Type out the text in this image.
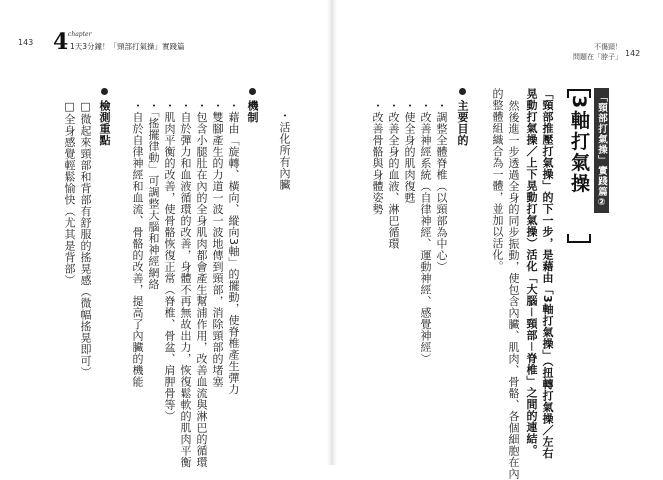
143 4 chapter
1天3分鐘！「頸部打氣操」實踐篇	不傷頸！
問題在「脖子」 142
「頸部打氣操」實踐篇②
3軸打氣操
「頸部推壓打氣操」的下一步，是藉由「3軸打氣操」（扭轉打氣操／左右
晃動打氣操／上下晃動打氣操）活化「大腦－頸部－脊椎」之間的連結。
然後進一步透過全身的同步振動，使包含內臟、肌肉、骨骼、各個細胞在內
的整體組織合為一體，並加以活化。
主要目的
・調整全體脊椎（以頸部為中心）
・改善神經系統（自律神經、運動神經、感覺神經）
・使全身的肌肉復甦
・改善全身的血液、淋巴循環
・改善骨骼與身體姿勢
・活化所有內臟
機制
・藉由「旋轉、橫向、縱向3軸」的擺動，使脊椎產生彈力
・雙腳產生的力道一波一波地傳到頸部，消除頸部的堵塞
・包含小腿肚在內的全身肌肉都會產生幫浦作用，改善血流與淋巴的循環
・自於彈力和血液循環的改善，身體不再無故出力，恢復鬆軟的肌肉平衡
・肌肉平衡的改善，使骨骼恢復正常（脊椎、骨盆、肩胛骨等）
・「搖擺律動」可調整大腦和神經網絡
・自於自律神經和血流、骨骼的改善，提高了內臟的機能
檢測重點
□微起來頸部和背部有舒服的搖晃感（微幅搖晃即可）
□全身感覺輕鬆愉快（尤其是背部）
